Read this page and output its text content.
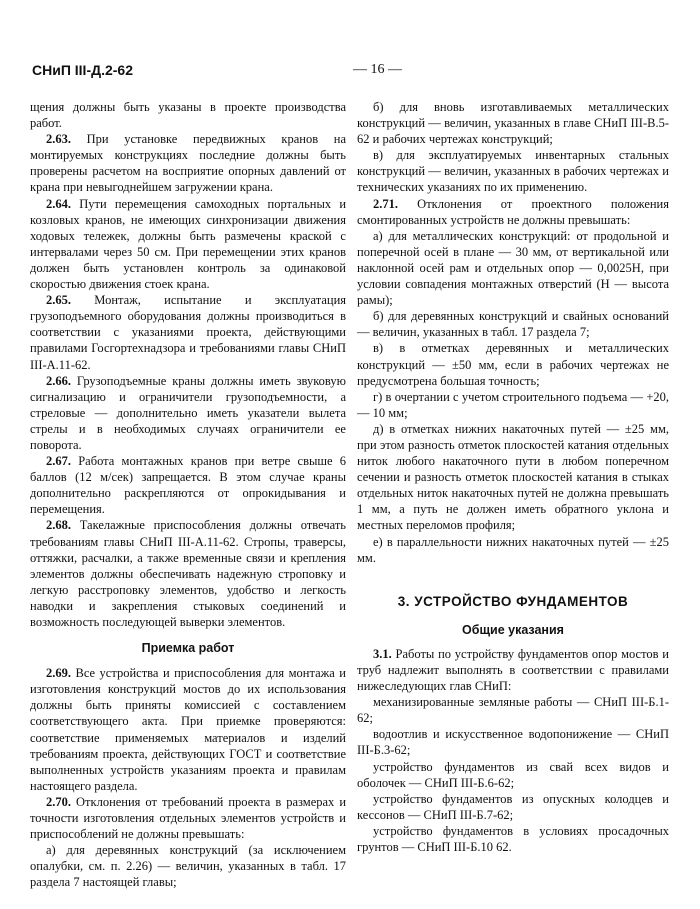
СНиП III-Д.2-62	— 16 —

щения должны быть указаны в проекте производства работ.

2.63. При установке передвижных кранов на монтируемых конструкциях последние должны быть проверены расчетом на восприятие опорных давлений от крана при невыгоднейшем загружении крана.

2.64. Пути перемещения самоходных портальных и козловых кранов, не имеющих синхронизации движения ходовых тележек, должны быть размечены краской с интервалами через 50 см. При перемещении этих кранов должен быть установлен контроль за одинаковой скоростью движения стоек крана.

2.65. Монтаж, испытание и эксплуатация грузоподъемного оборудования должны производиться в соответствии с указаниями проекта, действующими правилами Госгортехнадзора и требованиями главы СНиП III-А.11-62.

2.66. Грузоподъемные краны должны иметь звуковую сигнализацию и ограничители грузоподъемности, а стреловые — дополнительно иметь указатели вылета стрелы и в необходимых случаях ограничители ее поворота.

2.67. Работа монтажных кранов при ветре свыше 6 баллов (12 м/сек) запрещается. В этом случае краны дополнительно раскрепляются от опрокидывания и перемещения.

2.68. Такелажные приспособления должны отвечать требованиям главы СНиП III-А.11-62. Стропы, траверсы, оттяжки, расчалки, а также временные связи и крепления элементов должны обеспечивать надежную строповку и легкую расстроповку элементов, удобство и легкость наводки и закрепления стыковых соединений и возможность последующей выверки элементов.

Приемка работ

2.69. Все устройства и приспособления для монтажа и изготовления конструкций мостов до их использования должны быть приняты комиссией с составлением соответствующего акта. При приемке проверяются: соответствие применяемых материалов и изделий требованиям проекта, действующих ГОСТ и соответствие выполненных устройств указаниям проекта и правилам настоящего раздела.

2.70. Отклонения от требований проекта в размерах и точности изготовления отдельных элементов устройств и приспособлений не должны превышать:

а) для деревянных конструкций (за исключением опалубки, см. п. 2.26) — величин, указанных в табл. 17 раздела 7 настоящей главы;

б) для вновь изготавливаемых металлических конструкций — величин, указанных в главе СНиП III-В.5-62 и рабочих чертежах конструкций;

в) для эксплуатируемых инвентарных стальных конструкций — величин, указанных в рабочих чертежах и технических указаниях по их применению.

2.71. Отклонения от проектного положения смонтированных устройств не должны превышать:

а) для металлических конструкций: от продольной и поперечной осей в плане — 30 мм, от вертикальной или наклонной осей рам и отдельных опор — 0,0025H, при условии совпадения монтажных отверстий (H — высота рамы);

б) для деревянных конструкций и свайных оснований — величин, указанных в табл. 17 раздела 7;

в) в отметках деревянных и металлических конструкций — ±50 мм, если в рабочих чертежах не предусмотрена большая точность;

г) в очертании с учетом строительного подъема — +20, — 10 мм;

д) в отметках нижних накаточных путей — ±25 мм, при этом разность отметок плоскостей катания отдельных ниток любого накаточного пути в любом поперечном сечении и разность отметок плоскостей катания в стыках отдельных ниток накаточных путей не должна превышать 1 мм, а путь не должен иметь обратного уклона и местных переломов профиля;

е) в параллельности нижних накаточных путей — ±25 мм.

3. УСТРОЙСТВО ФУНДАМЕНТОВ

Общие указания

3.1. Работы по устройству фундаментов опор мостов и труб надлежит выполнять в соответствии с правилами нижеследующих глав СНиП:

механизированные земляные работы — СНиП III-Б.1-62;

водоотлив и искусственное водопонижение — СНиП III-Б.3-62;

устройство фундаментов из свай всех видов и оболочек — СНиП III-Б.6-62;

устройство фундаментов из опускных колодцев и кессонов — СНиП III-Б.7-62;

устройство фундаментов в условиях просадочных грунтов — СНиП III-Б.10 62.
